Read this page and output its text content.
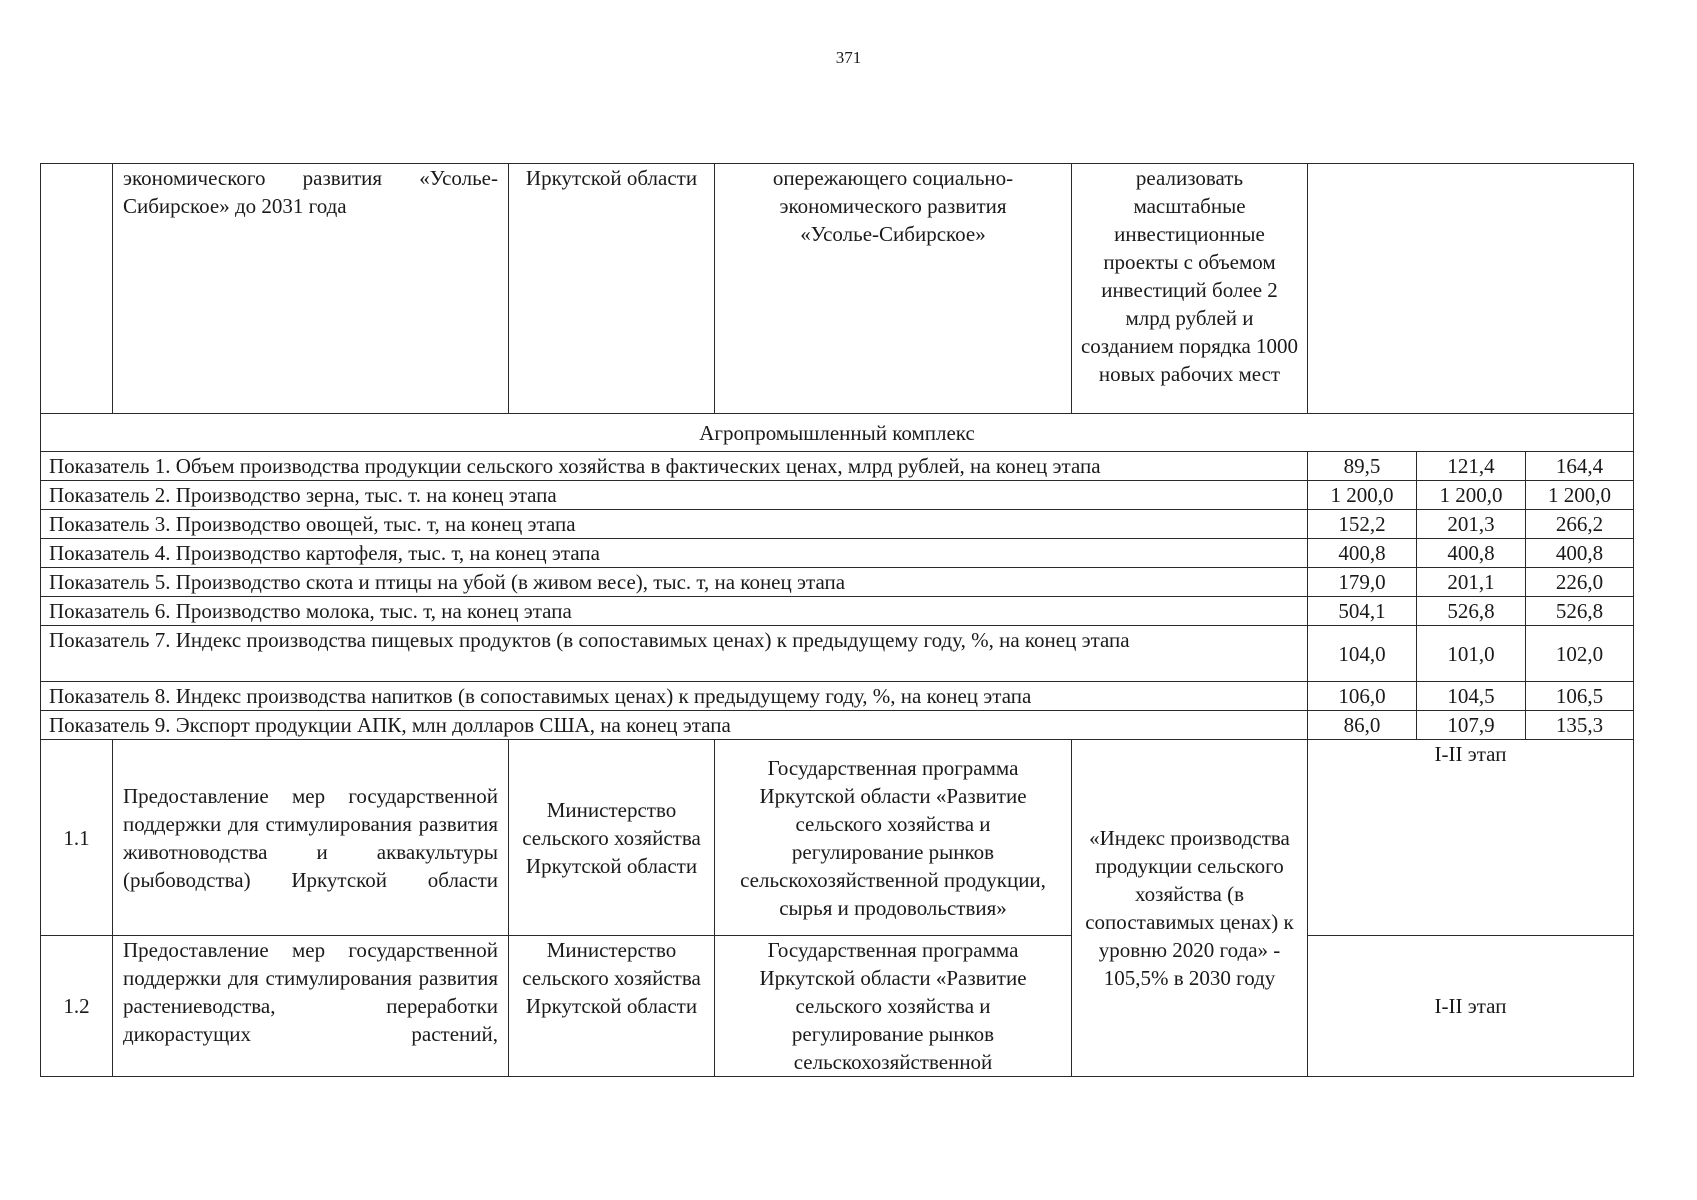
371
	экономического развития «Усолье-Сибирское» до 2031 года	Иркутской области	опережающего социально-экономического развития «Усолье-Сибирское»	реализовать масштабные инвестиционные проекты с объемом инвестиций более 2 млрд рублей и созданием порядка 1000 новых рабочих мест			
Агропромышленный комплекс							
Показатель 1. Объем производства продукции сельского хозяйства в фактических ценах, млрд рублей, на конец этапа					89,5	121,4	164,4
Показатель 2. Производство зерна, тыс. т. на конец этапа					1 200,0	1 200,0	1 200,0
Показатель 3. Производство овощей, тыс. т, на конец этапа					152,2	201,3	266,2
Показатель 4. Производство картофеля, тыс. т, на конец этапа					400,8	400,8	400,8
Показатель 5. Производство скота и птицы на убой (в живом весе), тыс. т, на конец этапа					179,0	201,1	226,0
Показатель 6. Производство молока, тыс. т, на конец этапа					504,1	526,8	526,8
Показатель 7. Индекс производства пищевых продуктов (в сопоставимых ценах) к предыдущему году, %, на конец этапа					104,0	101,0	102,0
Показатель 8. Индекс производства напитков (в сопоставимых ценах) к предыдущему году, %, на конец этапа					106,0	104,5	106,5
Показатель 9. Экспорт продукции АПК, млн долларов США, на конец этапа					86,0	107,9	135,3
1.1	Предоставление мер государственной поддержки для стимулирования развития животноводства и аквакультуры (рыбоводства) Иркутской области	Министерство сельского хозяйства Иркутской области	Государственная программа Иркутской области «Развитие сельского хозяйства и регулирование рынков сельскохозяйственной продукции, сырья и продовольствия»	«Индекс производства продукции сельского хозяйства (в сопоставимых ценах) к уровню 2020 года» - 105,5% в 2030 году	I-II этап		
1.2	Предоставление мер государственной поддержки для стимулирования развития растениеводства, переработки дикорастущих растений,	Министерство сельского хозяйства Иркутской области	Государственная программа Иркутской области «Развитие сельского хозяйства и регулирование рынков сельскохозяйственной		I-II этап		
